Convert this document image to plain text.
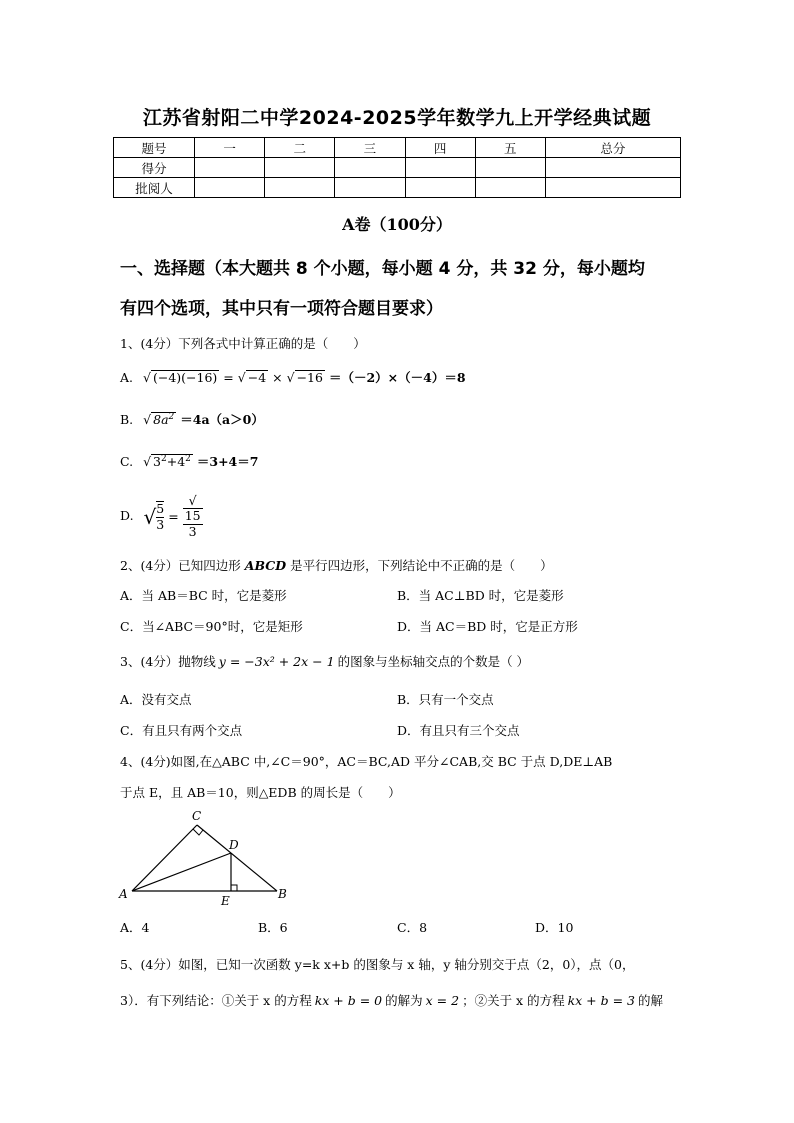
江苏省射阳二中学2024-2025学年数学九上开学经典试题
题号	一	二	三	四	五	总分
得分						
批阅人						
A卷（100分）
一、选择题（本大题共 8 个小题，每小题 4 分，共 32 分，每小题均
有四个选项，其中只有一项符合题目要求）
1、(4分）下列各式中计算正确的是（　　）
A. √ (−4)(−16) = √ −4 × √ −16 ＝（－2）×（－4）＝8
B. √ $8a^2 =4a(a>0)$
C. √ $3^2+4^2 =3+4=7$
D. √ $\frac{5}{3}$ = √
15
3
2、(4分）已知四边形 ABCD 是平行四边形，下列结论中不正确的是（　　）
A．当 AB＝BC 时，它是菱形	B．当 AC⊥BD 时，它是菱形
C．当∠ABC＝90°时，它是矩形	D．当 AC＝BD 时，它是正方形
3、(4分）抛物线 y = −3x² + 2x − 1 的图象与坐标轴交点的个数是（ ）
A．没有交点	B．只有一个交点
C．有且只有两个交点	D．有且只有三个交点
4、(4分)如图,在△ABC 中,∠C＝90°，AC＝BC,AD 平分∠CAB,交 BC 于点 D,DE⊥AB
于点 E，且 AB＝10，则△EDB 的周长是（　　）
C
D
A	B
E
A．4	B．6	C．8	D．10
5、(4分）如图，已知一次函数 y=k x+b 的图象与 x 轴，y 轴分别交于点（2，0），点（0，
3）．有下列结论：①关于 x 的方程 kx + b = 0 的解为 x = 2 ；②关于 x 的方程 kx + b = 3 的解
